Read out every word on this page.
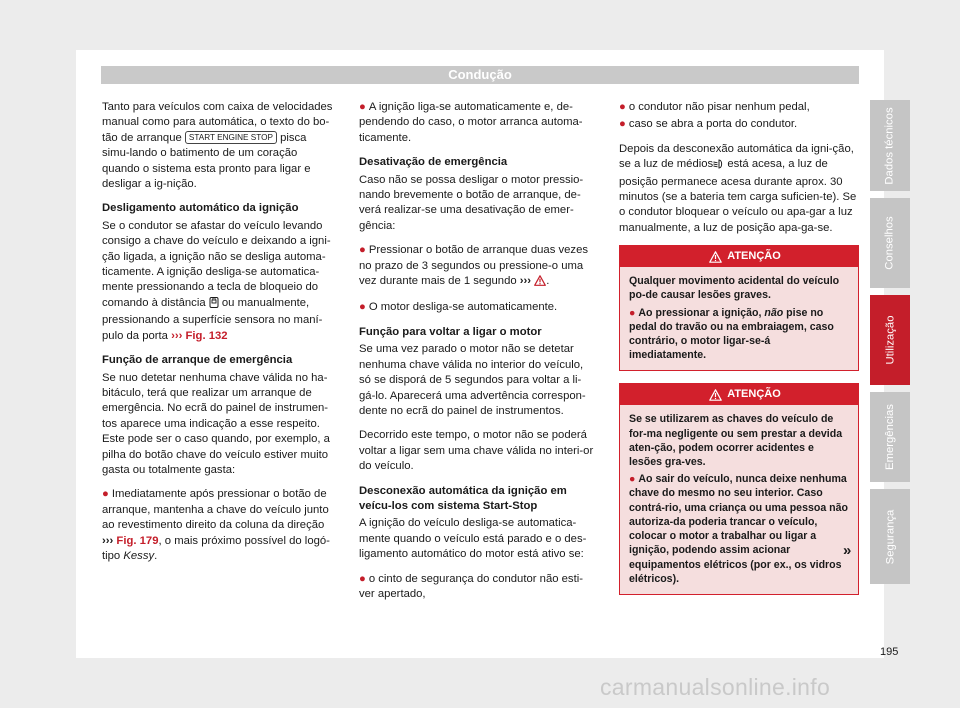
Condução

Tanto para veículos com caixa de velocidades manual como para automática, o texto do bo-tão de arranque START ENGINE STOP pisca simu-lando o batimento de um coração quando o sistema esta pronto para ligar e desligar a ig-nição.

Desligamento automático da ignição

Se o condutor se afastar do veículo levando consigo a chave do veículo e deixando a igni-ção ligada, a ignição não se desliga automa-ticamente. A ignição desliga-se automatica-mente pressionando a tecla de bloqueio do comando à distância  ou manualmente, pressionando a superfície sensora no maní-pulo da porta ››› Fig. 132

Função de arranque de emergência

Se nuo detetar nenhuma chave válida no ha-bitáculo, terá que realizar um arranque de emergência. No ecrã do painel de instrumen-tos aparece uma indicação a esse respeito. Este pode ser o caso quando, por exemplo, a pilha do botão chave do veículo estiver muito gasta ou totalmente gasta:

● Imediatamente após pressionar o botão de arranque, mantenha a chave do veículo junto ao revestimento direito da coluna da direção ››› Fig. 179, o mais próximo possível do logó-tipo Kessy.

● A ignição liga-se automaticamente e, de-pendendo do caso, o motor arranca automa-ticamente.

Desativação de emergência

Caso não se possa desligar o motor pressio-nando brevemente o botão de arranque, de-verá realizar-se uma desativação de emer-gência:

● Pressionar o botão de arranque duas vezes no prazo de 3 segundos ou pressione-o uma vez durante mais de 1 segundo ››› .

● O motor desliga-se automaticamente.

Função para voltar a ligar o motor

Se uma vez parado o motor não se detetar nenhuma chave válida no interior do veículo, só se disporá de 5 segundos para voltar a li-gá-lo. Aparecerá uma advertência correspon-dente no ecrã do painel de instrumentos.

Decorrido este tempo, o motor não se poderá voltar a ligar sem uma chave válida no interi-or do veículo.

Desconexão automática da ignição em veícu-los com sistema Start-Stop

A ignição do veículo desliga-se automatica-mente quando o veículo está parado e o des-ligamento automático do motor está ativo se:

● o cinto de segurança do condutor não esti-ver apertado,

● o condutor não pisar nenhum pedal,

● caso se abra a porta do condutor.

Depois da desconexão automática da igni-ção, se a luz de médios está acesa, a luz de posição permanece acesa durante aprox. 30 minutos (se a bateria tem carga suficien-te). Se o condutor bloquear o veículo ou apa-gar a luz manualmente, a luz de posição apa-ga-se.

ATENÇÃO

Qualquer movimento acidental do veículo po-de causar lesões graves.

● Ao pressionar a ignição, não pise no pedal do travão ou na embraiagem, caso contrário, o motor ligar-se-á imediatamente.

ATENÇÃO

Se se utilizarem as chaves do veículo de for-ma negligente ou sem prestar a devida aten-ção, podem ocorrer acidentes e lesões gra-ves.

● Ao sair do veículo, nunca deixe nenhuma chave do mesmo no seu interior. Caso contrá-rio, uma criança ou uma pessoa não autoriza-da poderia trancar o veículo, colocar o motor a trabalhar ou ligar a ignição, podendo assim acionar equipamentos elétricos (por ex., os vidros elétricos).

»
Dados técnicos
Conselhos
Utilização
Emergências
Segurança
195
carmanualsonline.info
